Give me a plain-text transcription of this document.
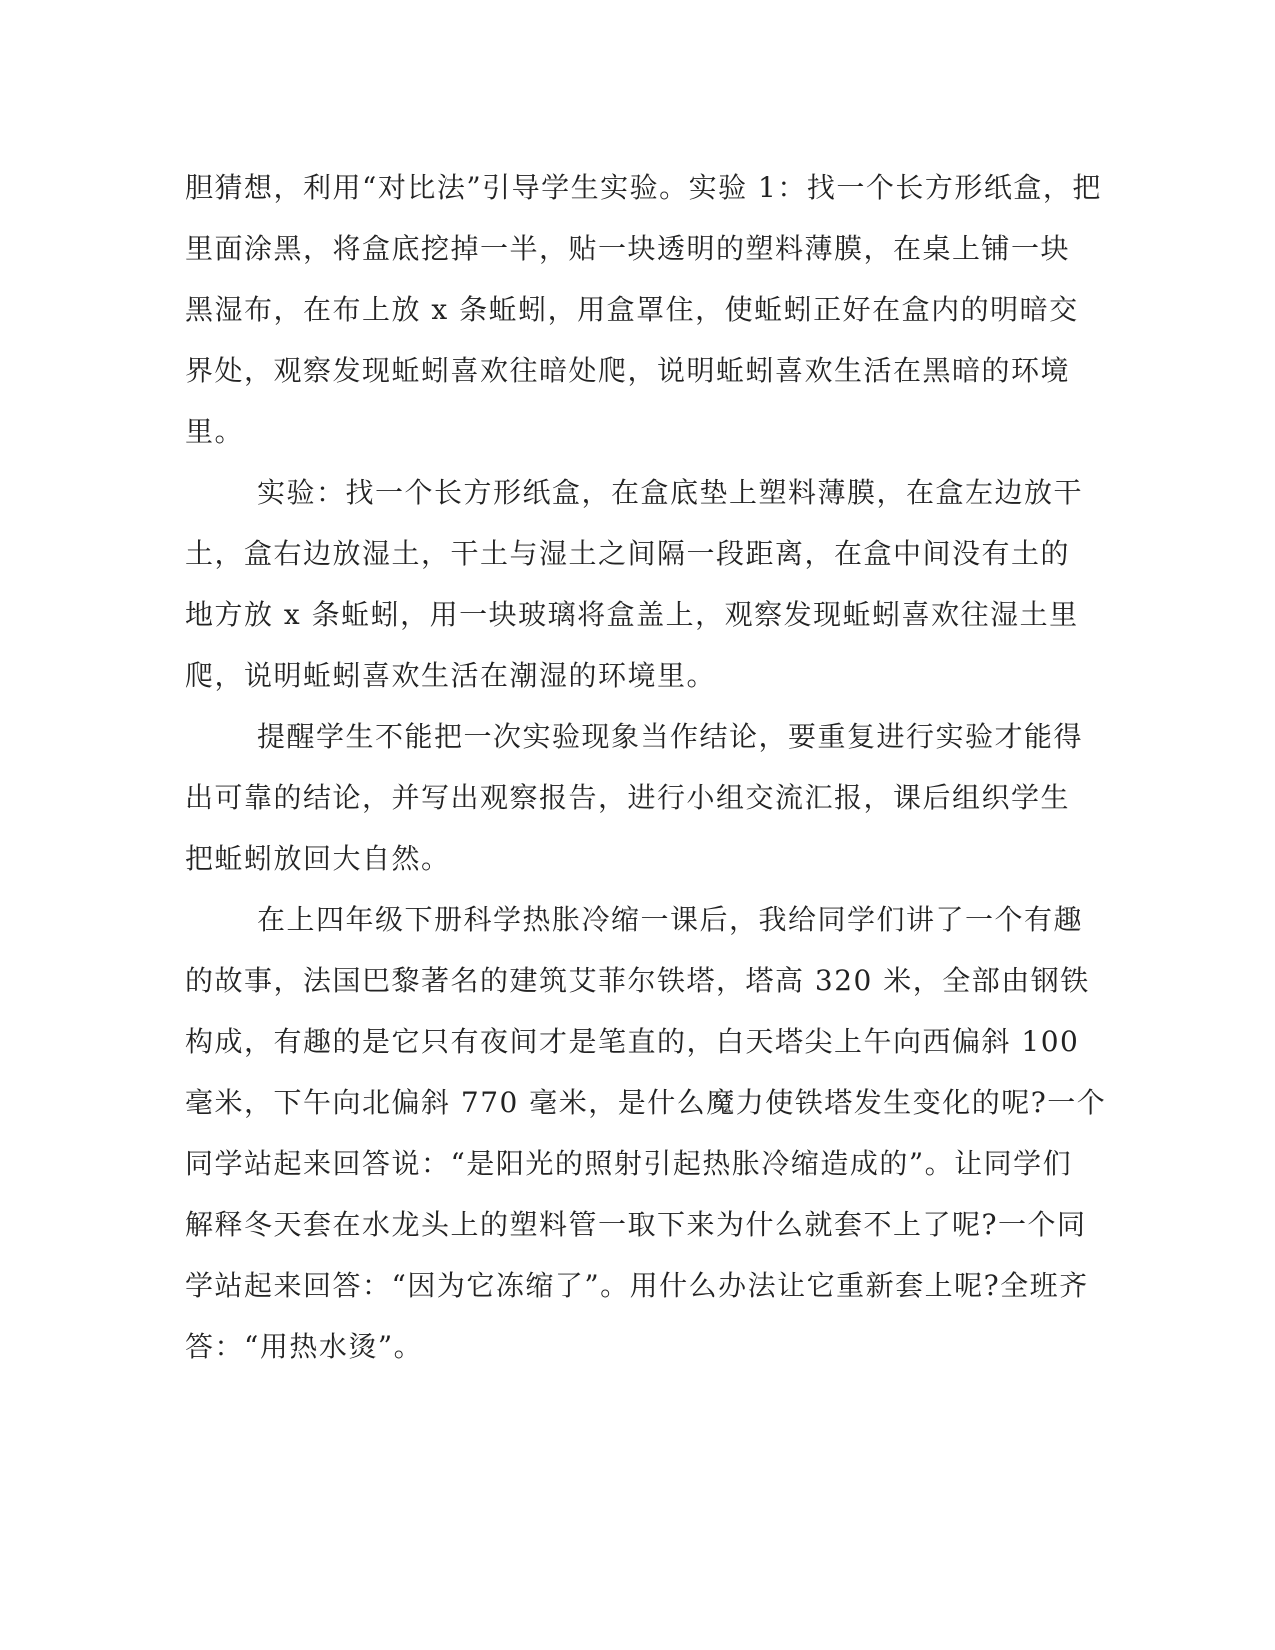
胆猜想，利用“对比法”引导学生实验。实验 1：找一个长方形纸盒，把
里面涂黑，将盒底挖掉一半，贴一块透明的塑料薄膜，在桌上铺一块
黑湿布，在布上放 x 条蚯蚓，用盒罩住，使蚯蚓正好在盒内的明暗交
界处，观察发现蚯蚓喜欢往暗处爬，说明蚯蚓喜欢生活在黑暗的环境
里。

实验：找一个长方形纸盒，在盒底垫上塑料薄膜，在盒左边放干
土，盒右边放湿土，干土与湿土之间隔一段距离，在盒中间没有土的
地方放 x 条蚯蚓，用一块玻璃将盒盖上，观察发现蚯蚓喜欢往湿土里
爬，说明蚯蚓喜欢生活在潮湿的环境里。

提醒学生不能把一次实验现象当作结论，要重复进行实验才能得
出可靠的结论，并写出观察报告，进行小组交流汇报，课后组织学生
把蚯蚓放回大自然。

在上四年级下册科学热胀冷缩一课后，我给同学们讲了一个有趣
的故事，法国巴黎著名的建筑艾菲尔铁塔，塔高 320 米，全部由钢铁
构成，有趣的是它只有夜间才是笔直的，白天塔尖上午向西偏斜 100
毫米，下午向北偏斜 770 毫米，是什么魔力使铁塔发生变化的呢?一个
同学站起来回答说：“是阳光的照射引起热胀冷缩造成的”。让同学们
解释冬天套在水龙头上的塑料管一取下来为什么就套不上了呢?一个同
学站起来回答：“因为它冻缩了”。用什么办法让它重新套上呢?全班齐
答：“用热水烫”。
